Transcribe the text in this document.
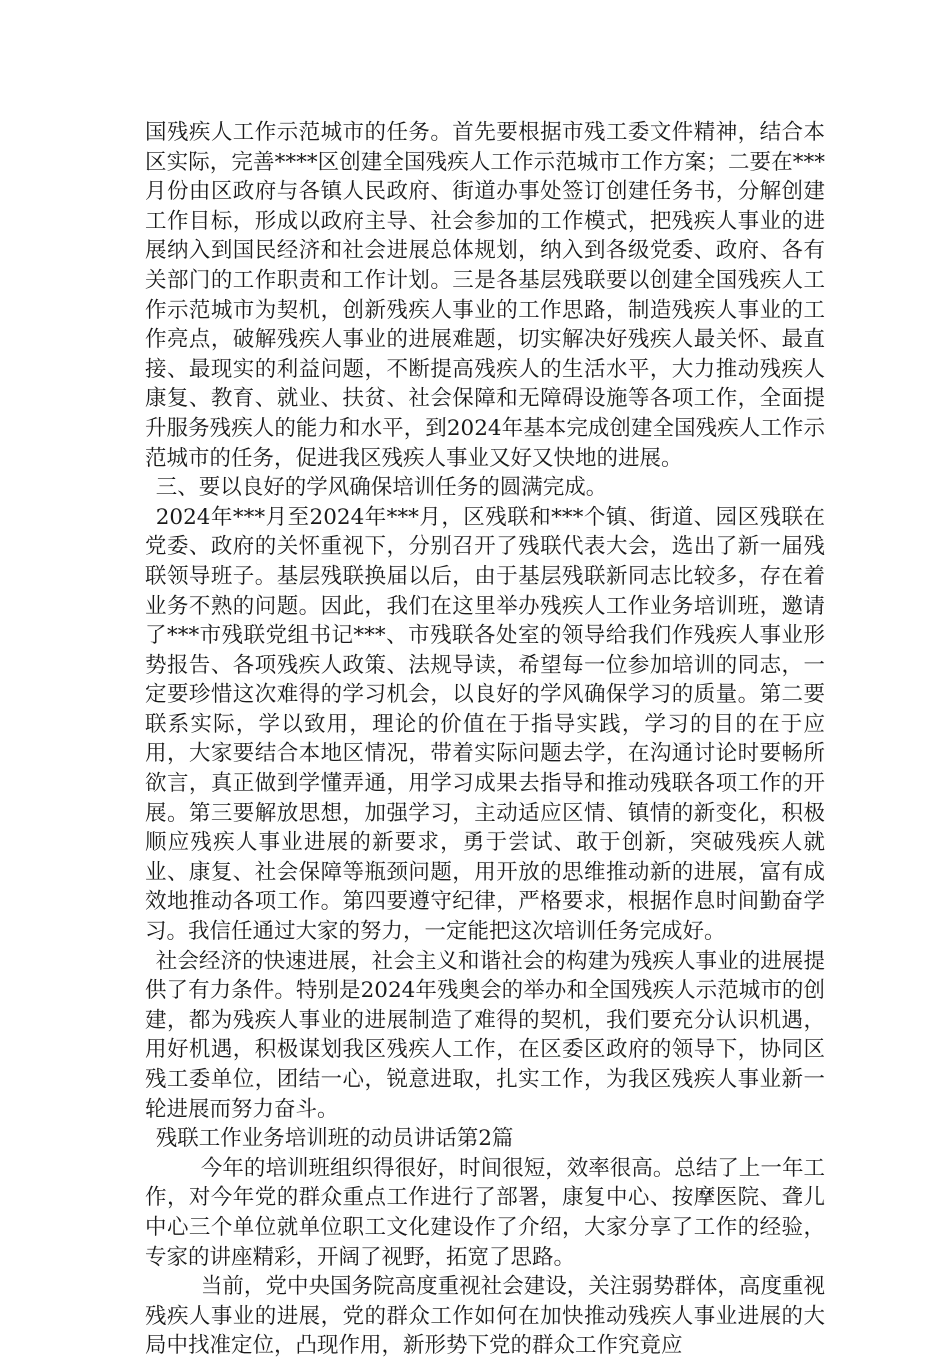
国残疾人工作示范城市的任务。首先要根据市残工委文件精神，结合本区实际，完善****区创建全国残疾人工作示范城市工作方案；二要在***月份由区政府与各镇人民政府、街道办事处签订创建任务书，分解创建工作目标，形成以政府主导、社会参加的工作模式，把残疾人事业的进展纳入到国民经济和社会进展总体规划，纳入到各级党委、政府、各有关部门的工作职责和工作计划。三是各基层残联要以创建全国残疾人工作示范城市为契机，创新残疾人事业的工作思路，制造残疾人事业的工作亮点，破解残疾人事业的进展难题，切实解决好残疾人最关怀、最直接、最现实的利益问题，不断提高残疾人的生活水平，大力推动残疾人康复、教育、就业、扶贫、社会保障和无障碍设施等各项工作，全面提升服务残疾人的能力和水平，到2024年基本完成创建全国残疾人工作示范城市的任务，促进我区残疾人事业又好又快地的进展。

三、要以良好的学风确保培训任务的圆满完成。

2024年***月至2024年***月，区残联和***个镇、街道、园区残联在党委、政府的关怀重视下，分别召开了残联代表大会，选出了新一届残联领导班子。基层残联换届以后，由于基层残联新同志比较多，存在着业务不熟的问题。因此，我们在这里举办残疾人工作业务培训班，邀请了***市残联党组书记***、市残联各处室的领导给我们作残疾人事业形势报告、各项残疾人政策、法规导读，希望每一位参加培训的同志，一定要珍惜这次难得的学习机会，以良好的学风确保学习的质量。第二要联系实际，学以致用，理论的价值在于指导实践，学习的目的在于应用，大家要结合本地区情况，带着实际问题去学，在沟通讨论时要畅所欲言，真正做到学懂弄通，用学习成果去指导和推动残联各项工作的开展。第三要解放思想，加强学习，主动适应区情、镇情的新变化，积极顺应残疾人事业进展的新要求，勇于尝试、敢于创新，突破残疾人就业、康复、社会保障等瓶颈问题，用开放的思维推动新的进展，富有成效地推动各项工作。第四要遵守纪律，严格要求，根据作息时间勤奋学习。我信任通过大家的努力，一定能把这次培训任务完成好。

社会经济的快速进展，社会主义和谐社会的构建为残疾人事业的进展提供了有力条件。特别是2024年残奥会的举办和全国残疾人示范城市的创建，都为残疾人事业的进展制造了难得的契机，我们要充分认识机遇，用好机遇，积极谋划我区残疾人工作，在区委区政府的领导下，协同区残工委单位，团结一心，锐意进取，扎实工作，为我区残疾人事业新一轮进展而努力奋斗。

残联工作业务培训班的动员讲话第2篇

今年的培训班组织得很好，时间很短，效率很高。总结了上一年工作，对今年党的群众重点工作进行了部署，康复中心、按摩医院、聋儿中心三个单位就单位职工文化建设作了介绍，大家分享了工作的经验，专家的讲座精彩，开阔了视野，拓宽了思路。

当前，党中央国务院高度重视社会建设，关注弱势群体，高度重视残疾人事业的进展，党的群众工作如何在加快推动残疾人事业进展的大局中找准定位，凸现作用，新形势下党的群众工作究竟应
